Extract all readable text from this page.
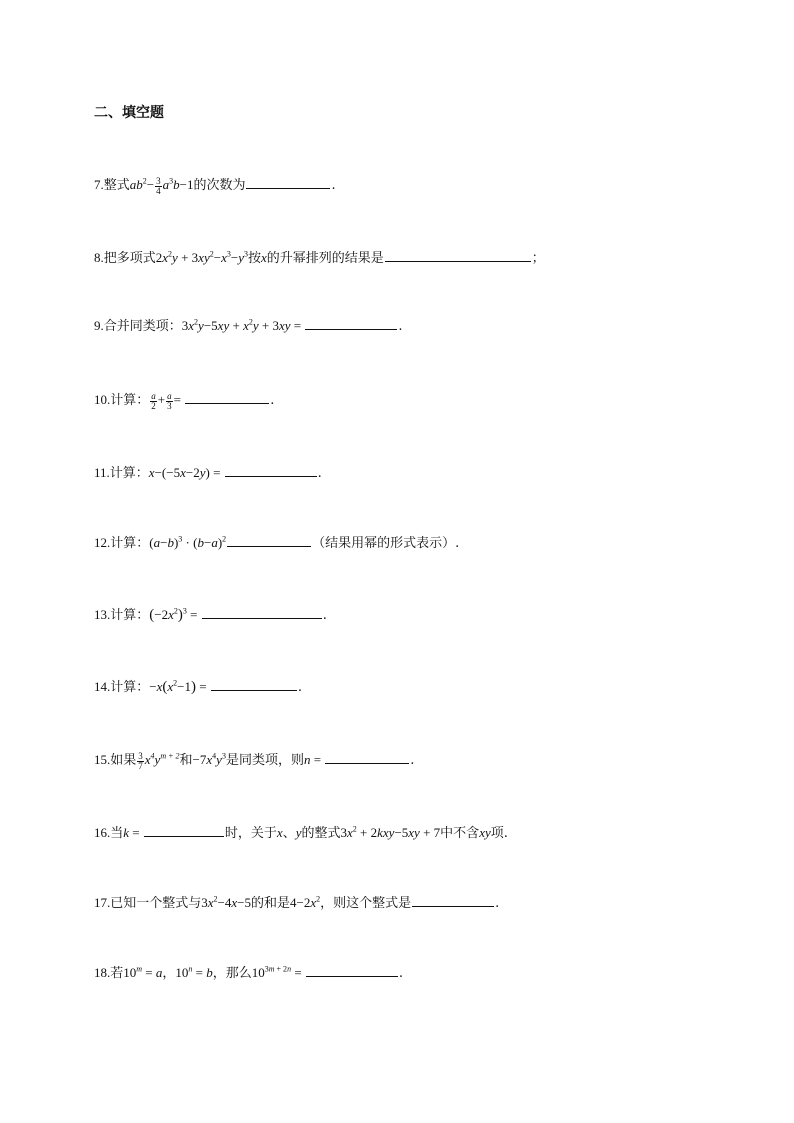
二、填空题
7.整式$ab^2- \frac{3}{4} a^3b-1$的次数为	.
8.把多项式$2x^2y + 3xy^2-x^3-y^3$按x的升幂排列的结果是	；
9.合并同类项：$3x^2y-5xy + x^2y + 3xy$ =	.
10.计算： $\frac{a}{2} + \frac{a}{3}$ =	.
11.计算：x−(−5x−2y) =	.
12.计算：$(a-b)^3 \cdot (b-a)^2$	（结果用幂的形式表示）.
13.计算：$(-2x^2)^3$ =	.
14.计算：$-x(x^2-1)$ =	.
15.如果 $\frac{3}{7} x^4y^{m + 2}$和$-7x^4y^3$是同类项，则n =	.
16.当k =	时，关于x、y的整式$3x^2 + 2kxy-5xy + 7$中不含xy项.
17.已知一个整式与$3x^2-4x-5$的和是$4-2x^2$，则这个整式是	.
18.若$10^m = a$，$10^n = b$，那么$10^{3m + 2n}$ =	.
